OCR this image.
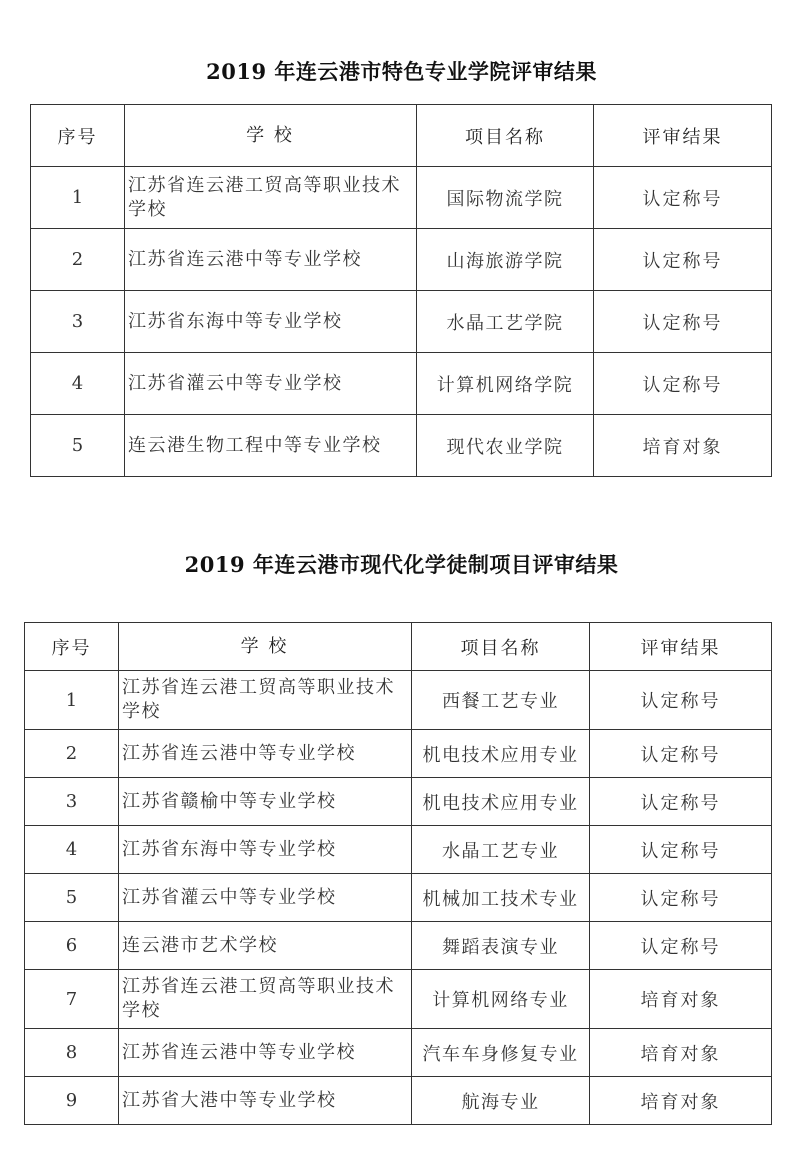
2019 年连云港市特色专业学院评审结果
序号	学 校	项目名称	评审结果
1	江苏省连云港工贸高等职业技术学校	国际物流学院	认定称号
2	江苏省连云港中等专业学校	山海旅游学院	认定称号
3	江苏省东海中等专业学校	水晶工艺学院	认定称号
4	江苏省灌云中等专业学校	计算机网络学院	认定称号
5	连云港生物工程中等专业学校	现代农业学院	培育对象
2019 年连云港市现代化学徒制项目评审结果
序号	学 校	项目名称	评审结果
1	江苏省连云港工贸高等职业技术学校	西餐工艺专业	认定称号
2	江苏省连云港中等专业学校	机电技术应用专业	认定称号
3	江苏省赣榆中等专业学校	机电技术应用专业	认定称号
4	江苏省东海中等专业学校	水晶工艺专业	认定称号
5	江苏省灌云中等专业学校	机械加工技术专业	认定称号
6	连云港市艺术学校	舞蹈表演专业	认定称号
7	江苏省连云港工贸高等职业技术学校	计算机网络专业	培育对象
8	江苏省连云港中等专业学校	汽车车身修复专业	培育对象
9	江苏省大港中等专业学校	航海专业	培育对象
